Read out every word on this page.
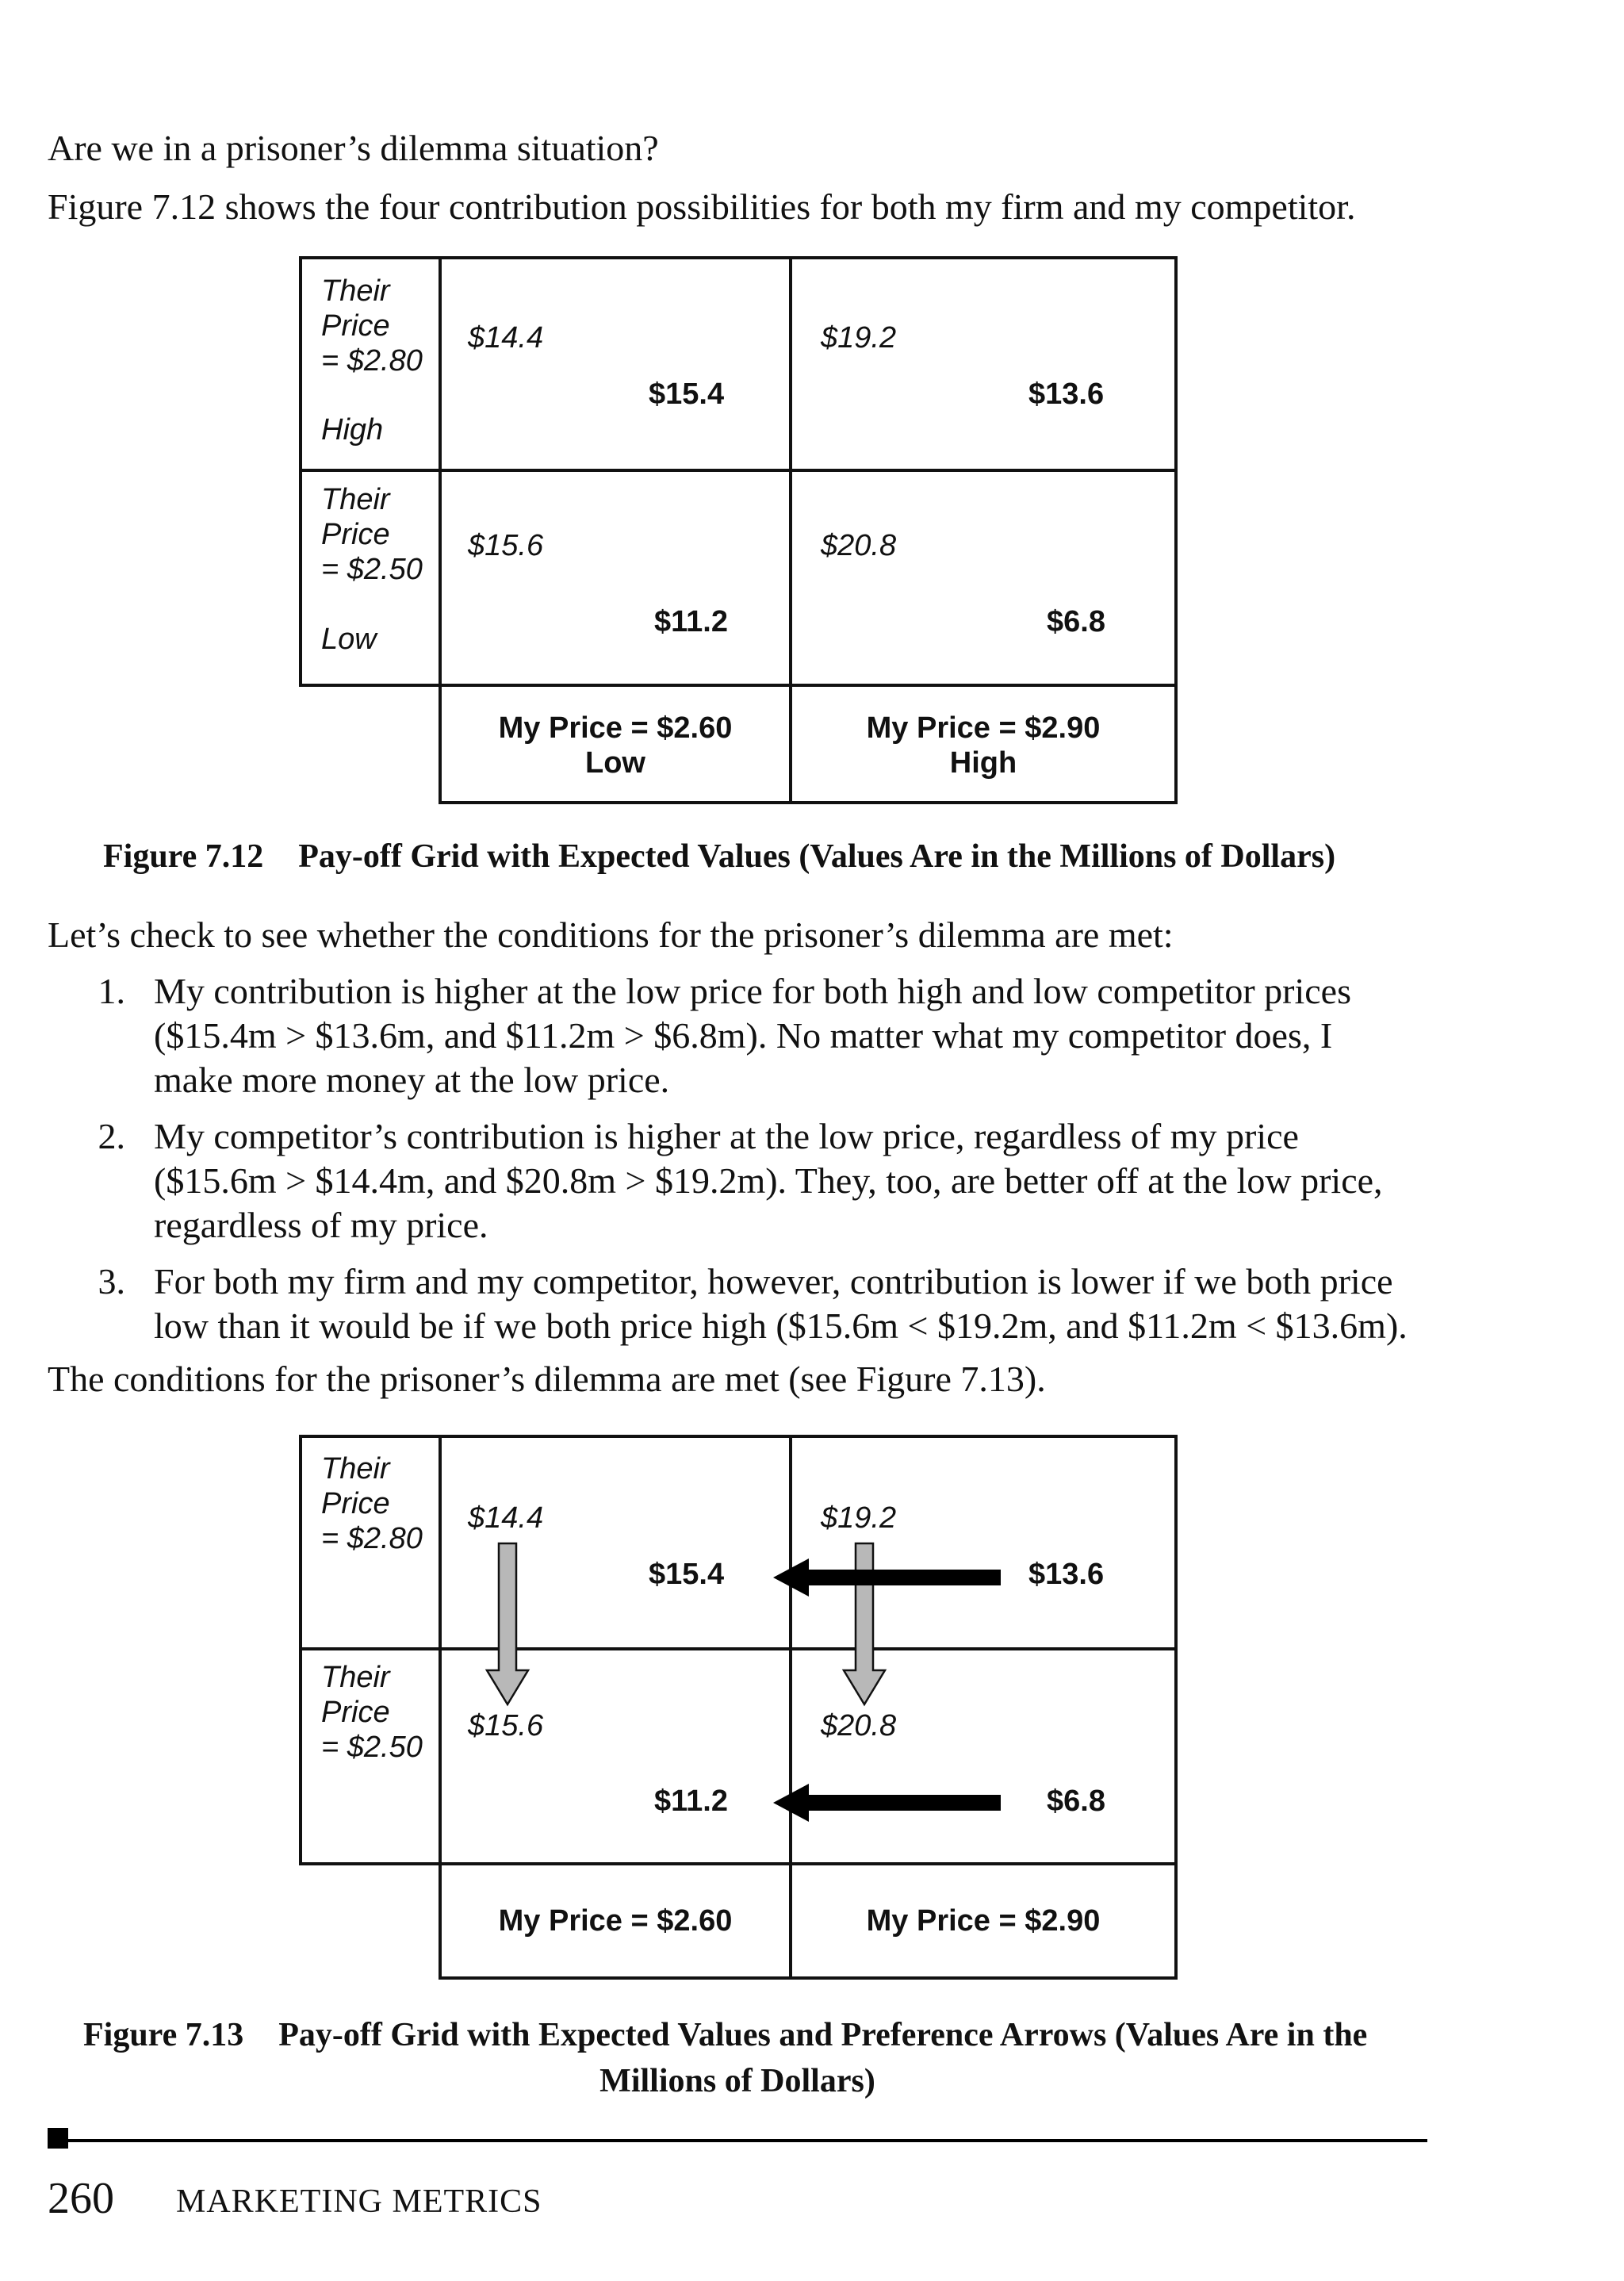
Are we in a prisoner’s dilemma situation?

Figure 7.12 shows the four contribution possibilities for both my firm and my competitor.

Their
Price
= $2.80
High
Their
Price
= $2.50
Low
$14.4
$15.4
$19.2
$13.6
$15.6
$11.2
$20.8
$6.8
My Price = $2.60
Low
My Price = $2.90
High
Figure 7.12 Pay-off Grid with Expected Values (Values Are in the Millions of Dollars)

Let’s check to see whether the conditions for the prisoner’s dilemma are met:

1. My contribution is higher at the low price for both high and low competitor prices
($15.4m > $13.6m, and $11.2m > $6.8m). No matter what my competitor does, I
make more money at the low price.
2. My competitor’s contribution is higher at the low price, regardless of my price
($15.6m > $14.4m, and $20.8m > $19.2m). They, too, are better off at the low price,
regardless of my price.
3. For both my firm and my competitor, however, contribution is lower if we both price
low than it would be if we both price high ($15.6m < $19.2m, and $11.2m < $13.6m).

The conditions for the prisoner’s dilemma are met (see Figure 7.13).

Their
Price
= $2.80
Their
Price
= $2.50
$14.4
$15.4
$19.2
$13.6
$15.6
$11.2
$20.8
$6.8
My Price = $2.60	My Price = $2.90
Figure 7.13 Pay-off Grid with Expected Values and Preference Arrows (Values Are in the
Millions of Dollars)
260 MARKETING METRICS
